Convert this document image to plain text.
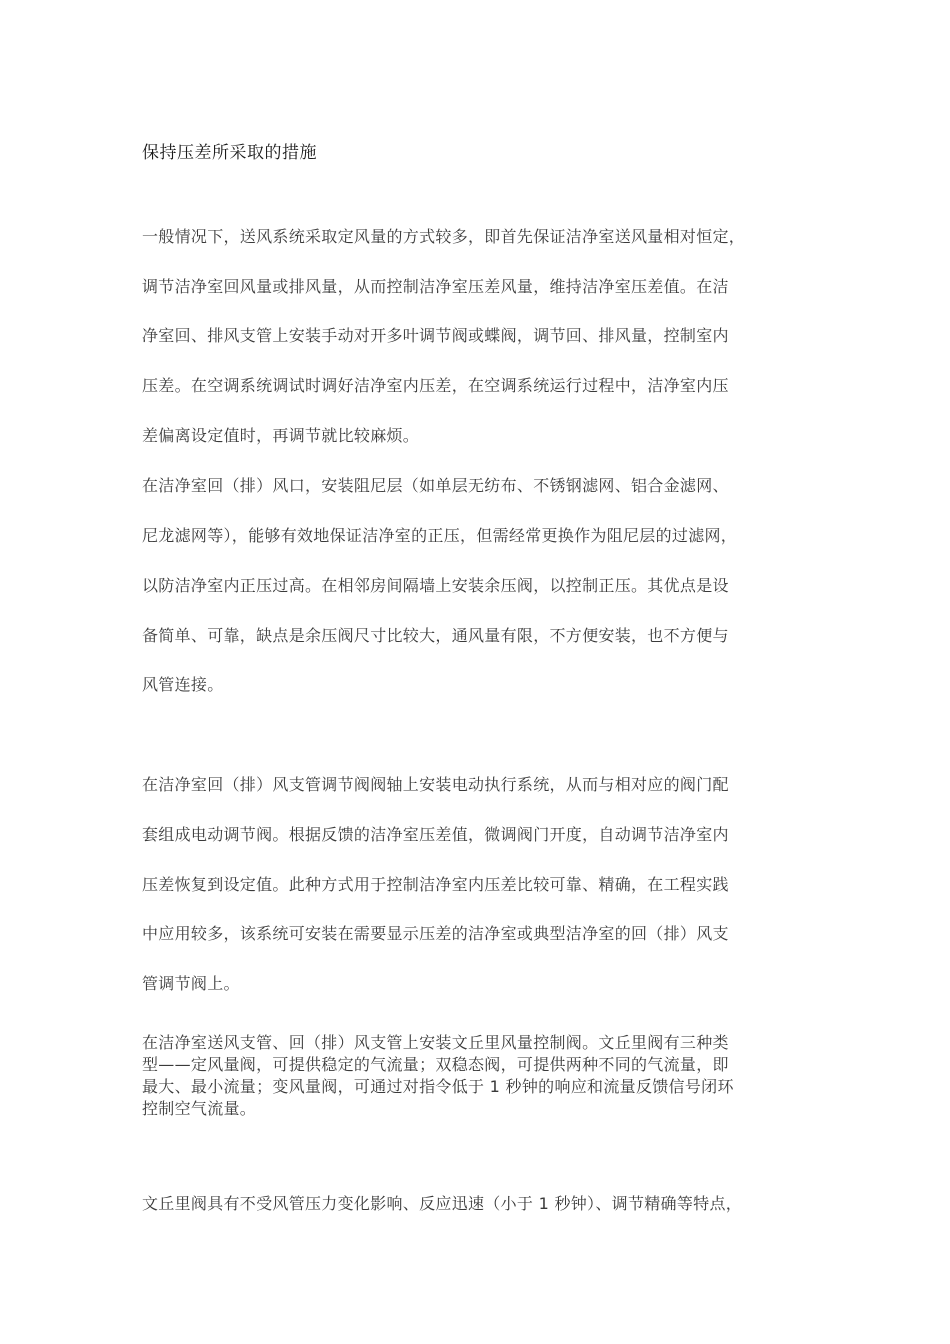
保持压差所采取的措施
一般情况下，送风系统采取定风量的方式较多，即首先保证洁净室送风量相对恒定，
调节洁净室回风量或排风量，从而控制洁净室压差风量，维持洁净室压差值。在洁
净室回、排风支管上安装手动对开多叶调节阀或蝶阀，调节回、排风量，控制室内
压差。在空调系统调试时调好洁净室内压差，在空调系统运行过程中，洁净室内压
差偏离设定值时，再调节就比较麻烦。
在洁净室回（排）风口，安装阻尼层（如单层无纺布、不锈钢滤网、铝合金滤网、
尼龙滤网等），能够有效地保证洁净室的正压，但需经常更换作为阻尼层的过滤网，
以防洁净室内正压过高。在相邻房间隔墙上安装余压阀，以控制正压。其优点是设
备简单、可靠，缺点是余压阀尺寸比较大，通风量有限，不方便安装，也不方便与
风管连接。
在洁净室回（排）风支管调节阀阀轴上安装电动执行系统，从而与相对应的阀门配
套组成电动调节阀。根据反馈的洁净室压差值，微调阀门开度，自动调节洁净室内
压差恢复到设定值。此种方式用于控制洁净室内压差比较可靠、精确，在工程实践
中应用较多，该系统可安装在需要显示压差的洁净室或典型洁净室的回（排）风支
管调节阀上。
在洁净室送风支管、回（排）风支管上安装文丘里风量控制阀。文丘里阀有三种类
型——定风量阀，可提供稳定的气流量；双稳态阀，可提供两种不同的气流量，即
最大、最小流量；变风量阀，可通过对指令低于 1 秒钟的响应和流量反馈信号闭环
控制空气流量。
文丘里阀具有不受风管压力变化影响、反应迅速（小于 1 秒钟）、调节精确等特点，
